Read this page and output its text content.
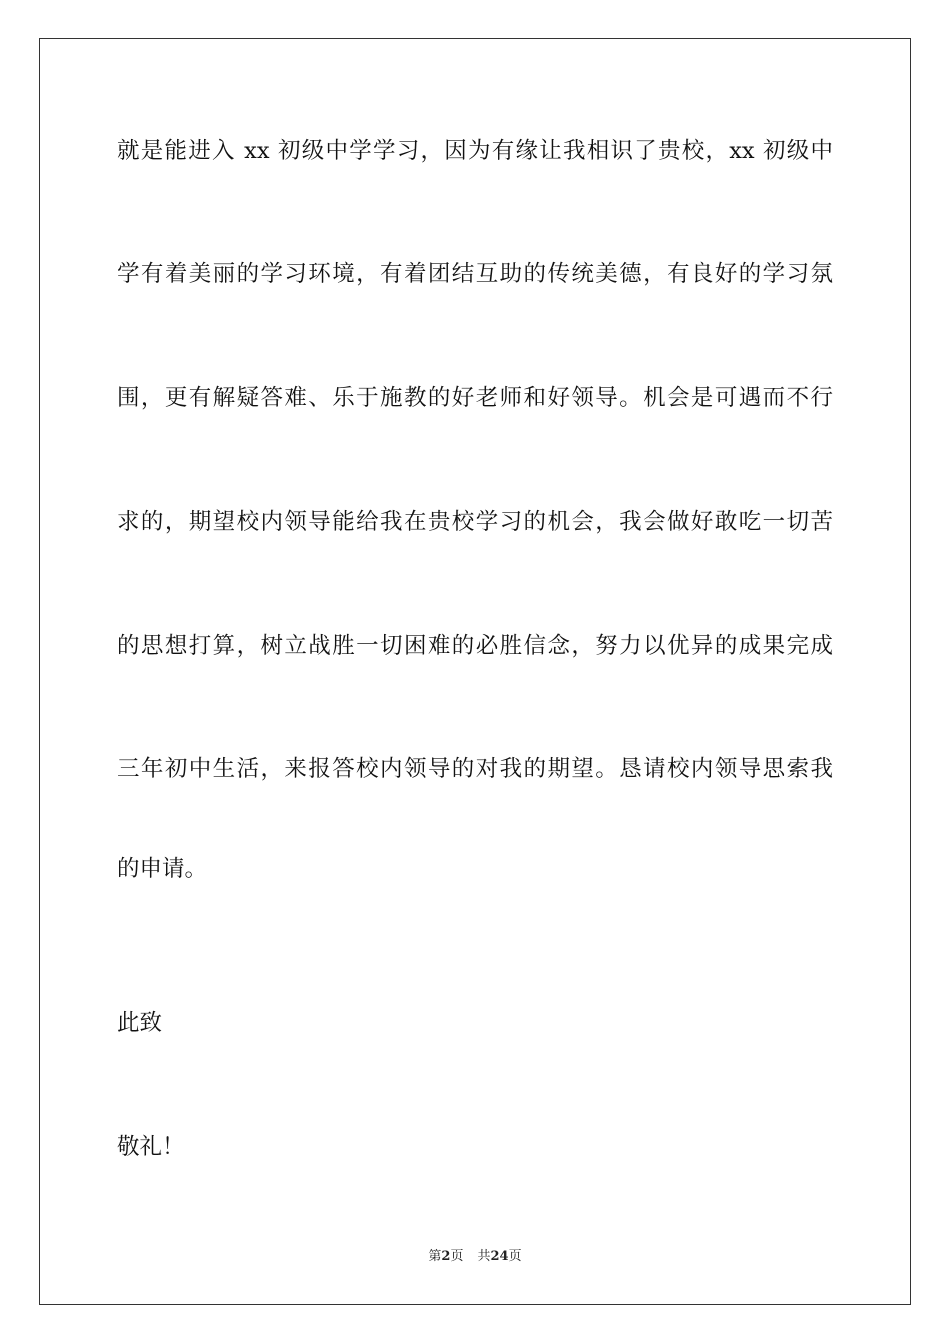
就是能进入 xx 初级中学学习，因为有缘让我相识了贵校，xx 初级中
学有着美丽的学习环境，有着团结互助的传统美德，有良好的学习氛
围，更有解疑答难、乐于施教的好老师和好领导。机会是可遇而不行
求的，期望校内领导能给我在贵校学习的机会，我会做好敢吃一切苦
的思想打算，树立战胜一切困难的必胜信念，努力以优异的成果完成
三年初中生活，来报答校内领导的对我的期望。恳请校内领导思索我
的申请。
此致
敬礼！
第2页 共24页
